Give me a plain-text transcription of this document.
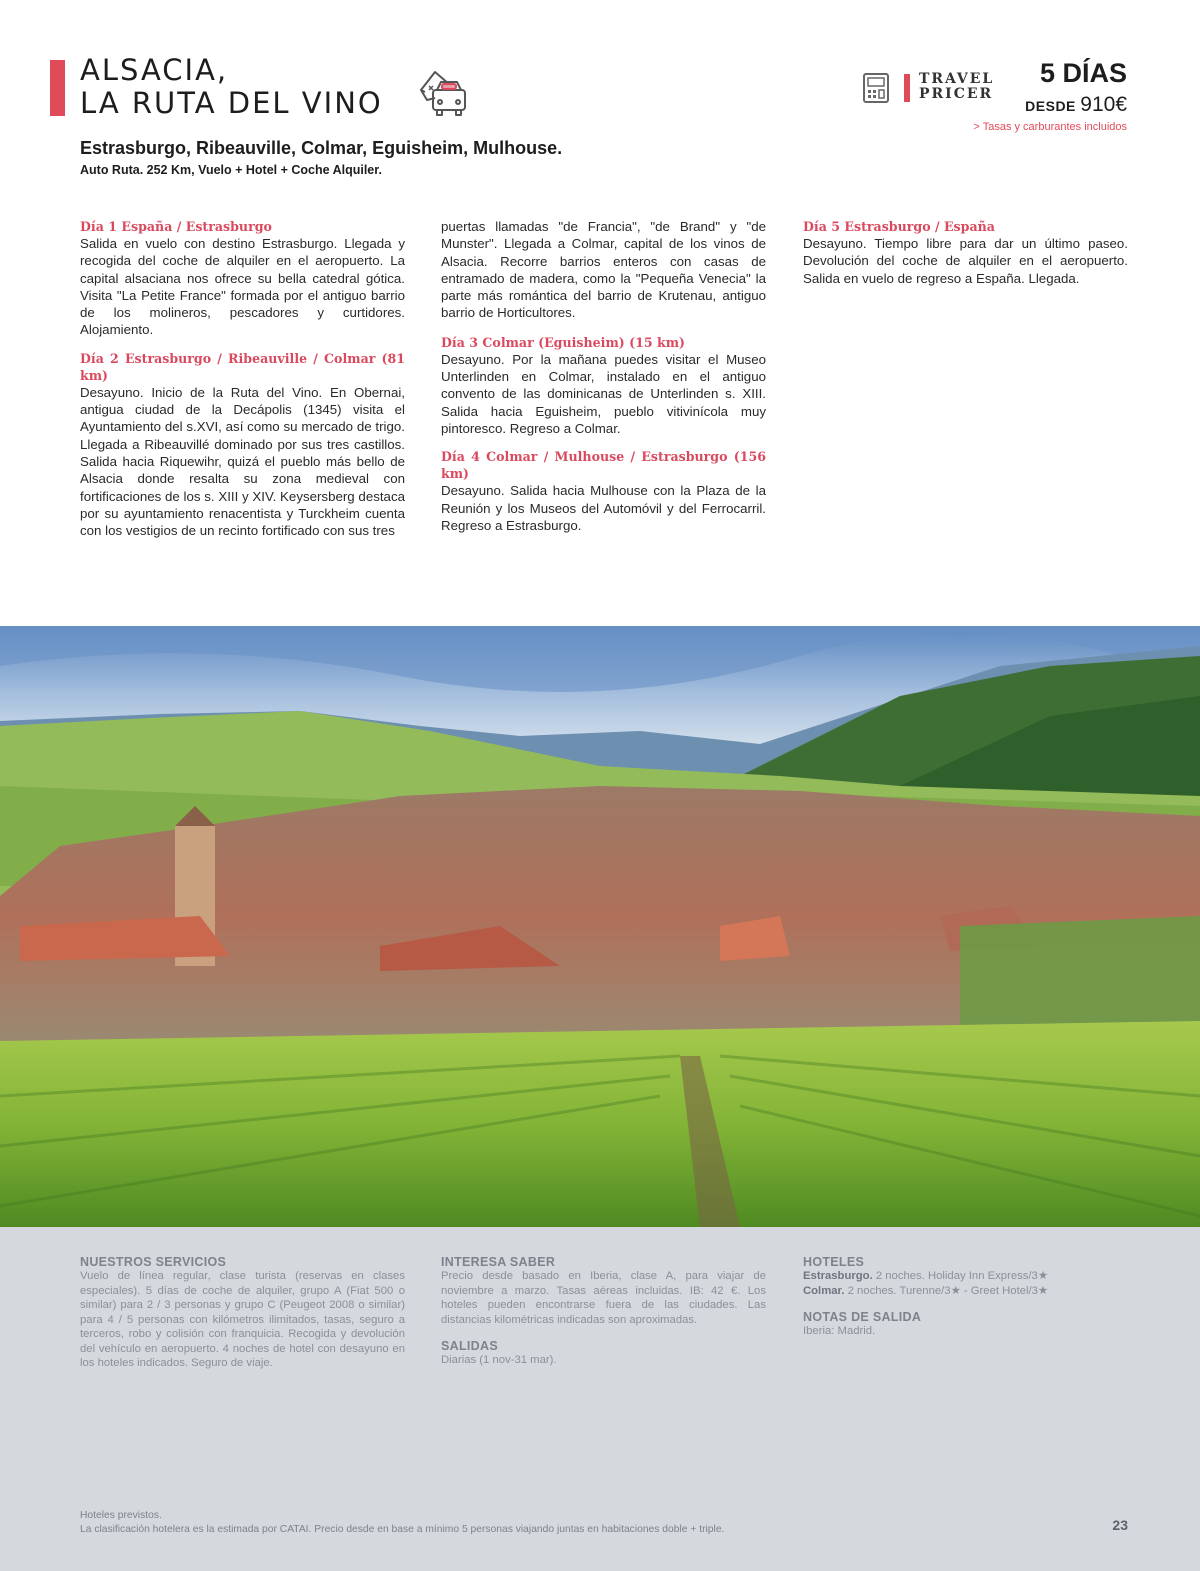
ALSACIA,
LA RUTA DEL VINO
Estrasburgo, Ribeauville, Colmar, Eguisheim, Mulhouse.
Auto Ruta. 252 Km, Vuelo + Hotel + Coche Alquiler.
TRAVEL
PRICER
5 DÍAS
DESDE 910€
> Tasas y carburantes incluidos
Día 1 España / Estrasburgo

Salida en vuelo con destino Estrasburgo. Llegada y recogida del coche de alquiler en el aeropuerto. La capital alsaciana nos ofrece su bella catedral gótica. Visita "La Petite France" formada por el antiguo barrio de los molineros, pescadores y curtidores. Alojamiento.

Día 2 Estrasburgo / Ribeauville / Colmar (81 km)

Desayuno. Inicio de la Ruta del Vino. En Obernai, antigua ciudad de la Decápolis (1345) visita el Ayuntamiento del s.XVI, así como su mercado de trigo. Llegada a Ribeauvillé dominado por sus tres castillos. Salida hacia Riquewihr, quizá el pueblo más bello de Alsacia donde resalta su zona medieval con fortificaciones de los s. XIII y XIV. Keysersberg destaca por su ayuntamiento renacentista y Turckheim cuenta con los vestigios de un recinto fortificado con sus tres

puertas llamadas "de Francia", "de Brand" y "de Munster". Llegada a Colmar, capital de los vinos de Alsacia. Recorre barrios enteros con casas de entramado de madera, como la "Pequeña Venecia" la parte más romántica del barrio de Krutenau, antiguo barrio de Horticultores.

Día 3 Colmar (Eguisheim) (15 km)

Desayuno. Por la mañana puedes visitar el Museo Unterlinden en Colmar, instalado en el antiguo convento de las dominicanas de Unterlinden s. XIII. Salida hacia Eguisheim, pueblo vitivinícola muy pintoresco. Regreso a Colmar.

Día 4 Colmar / Mulhouse / Estrasburgo (156 km)

Desayuno. Salida hacia Mulhouse con la Plaza de la Reunión y los Museos del Automóvil y del Ferrocarril. Regreso a Estrasburgo.

Día 5 Estrasburgo / España

Desayuno. Tiempo libre para dar un último paseo. Devolución del coche de alquiler en el aeropuerto. Salida en vuelo de regreso a España. Llegada.

NUESTROS SERVICIOS

Vuelo de línea regular, clase turista (reservas en clases especiales). 5 días de coche de alquiler, grupo A (Fiat 500 o similar) para 2 / 3 personas y grupo C (Peugeot 2008 o similar) para 4 / 5 personas con kilómetros ilimitados, tasas, seguro a terceros, robo y colisión con franquicia. Recogida y devolución del vehículo en aeropuerto. 4 noches de hotel con desayuno en los hoteles indicados. Seguro de viaje.

INTERESA SABER

Precio desde basado en Iberia, clase A, para viajar de noviembre a marzo. Tasas aéreas incluidas. IB: 42 €. Los hoteles pueden encontrarse fuera de las ciudades. Las distancias kilométricas indicadas son aproximadas.

SALIDAS

Diarias (1 nov-31 mar).

HOTELES

Estrasburgo. 2 noches. Holiday Inn Express/3★

Colmar. 2 noches. Turenne/3★ - Greet Hotel/3★

NOTAS DE SALIDA

Iberia: Madrid.

Hoteles previstos.
La clasificación hotelera es la estimada por CATAI. Precio desde en base a mínimo 5 personas viajando juntas en habitaciones doble + triple.	23
